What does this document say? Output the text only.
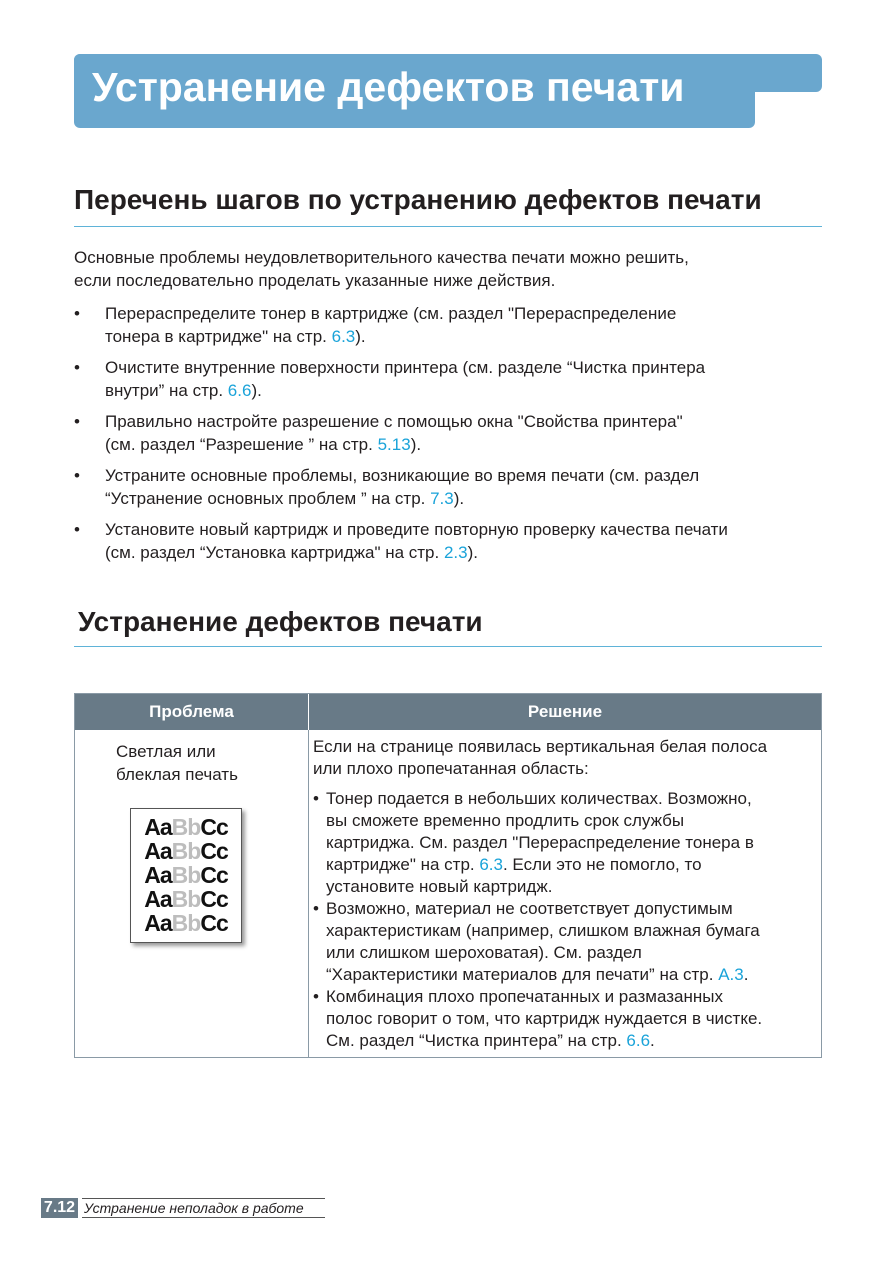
Устранение дефектов печати
Перечень шагов по устранению дефектов печати
Основные проблемы неудовлетворительного качества печати можно решить,
если последовательно проделать указанные ниже действия.
• Перераспределите тонер в картридже (см. раздел "Перераспределение
тонера в картридже" на стр. 6.3).
• Очистите внутренние поверхности принтера (см. разделе “Чистка принтера
внутри” на стр. 6.6).
• Правильно настройте разрешение с помощью окна "Свойства принтера"
(см. раздел “Разрешение ” на стр. 5.13).
• Устраните основные проблемы, возникающие во время печати (см. раздел
“Устранение основных проблем ” на стр. 7.3).
• Установите новый картридж и проведите повторную проверку качества печати
(см. раздел “Установка картриджа" на стр. 2.3).
Устранение дефектов печати
Проблема	Решение
Светлая или
блеклая печать
AaBbCc
AaBbCc
AaBbCc
AaBbCc
AaBbCc
Если на странице появилась вертикальная белая полоса
или плохо пропечатанная область:
• Тонер подается в небольших количествах. Возможно,
вы сможете временно продлить срок службы
картриджа. См. раздел "Перераспределение тонера в
картридже" на стр. 6.3. Если это не помогло, то
установите новый картридж.
• Возможно, материал не соответствует допустимым
характеристикам (например, слишком влажная бумага
или слишком шероховатая). См. раздел
“Характеристики материалов для печати” на стр. A.3.
• Комбинация плохо пропечатанных и размазанных
полос говорит о том, что картридж нуждается в чистке.
См. раздел “Чистка принтера” на стр. 6.6.
7.12 Устранение неполадок в работе
